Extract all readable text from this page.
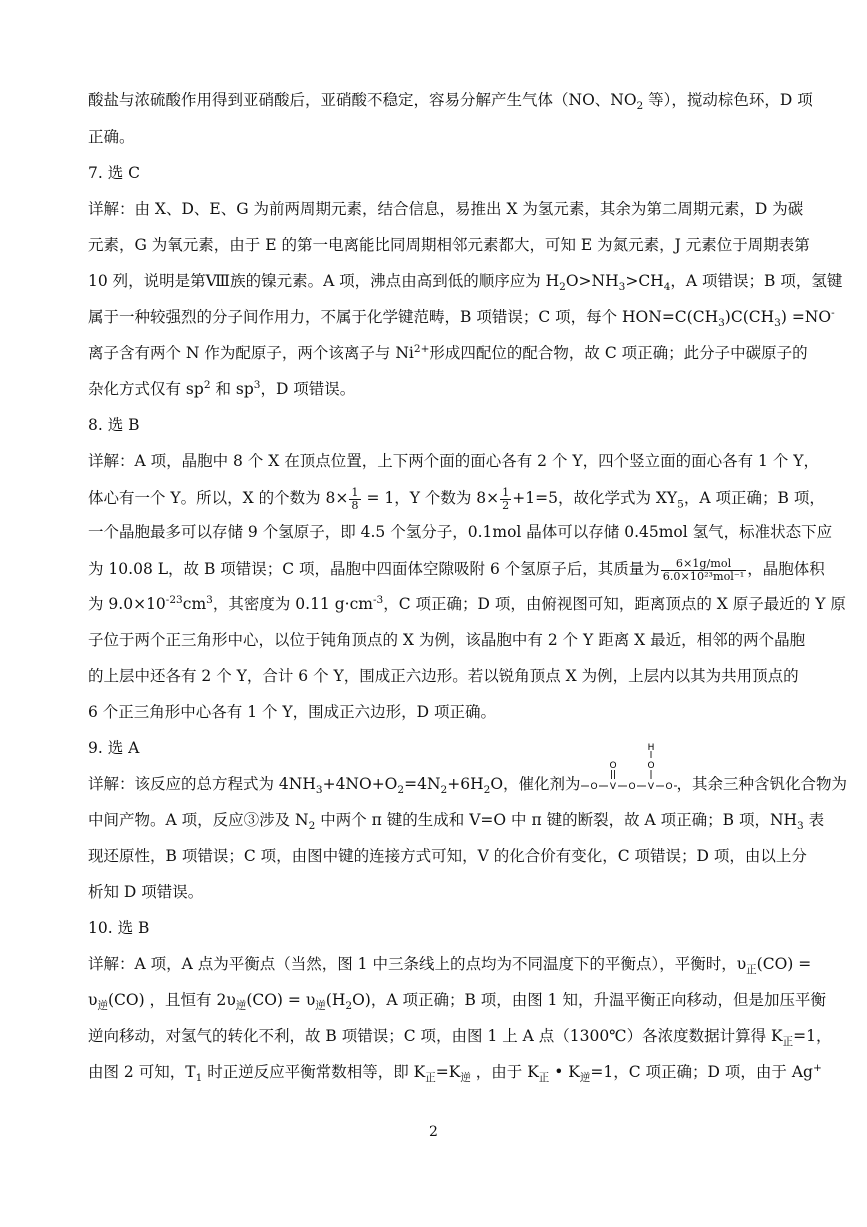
酸盐与浓硫酸作用得到亚硝酸后，亚硝酸不稳定，容易分解产生气体（NO、$NO_2$ 等），搅动棕色环，D 项
正确。
7. 选 C
详解：由 X、D、E、G 为前两周期元素，结合信息，易推出 X 为氢元素，其余为第二周期元素，D 为碳
元素，G 为氧元素，由于 E 的第一电离能比同周期相邻元素都大，可知 E 为氮元素，J 元素位于周期表第
10 列，说明是第Ⅷ族的镍元素。A 项，沸点由高到低的顺序应为 $H_2O>NH_3>CH_4$，A 项错误；B 项，氢键
属于一种较强烈的分子间作用力，不属于化学键范畴，B 项错误；C 项，每个 $HON=C(CH_3)C(CH_3) =NO^-$
离子含有两个 N 作为配原子，两个该离子与 $Ni^{2+}$形成四配位的配合物，故 C 项正确；此分子中碳原子的
杂化方式仅有 $sp^2$ 和 $sp^3$，D 项错误。
8. 选 B
详解：A 项，晶胞中 8 个 X 在顶点位置，上下两个面的面心各有 2 个 Y，四个竖立面的面心各有 1 个 Y，
体心有一个 Y。所以，X 的个数为 $8\times \frac{1}{8} = 1$，Y 个数为 $8\times \frac{1}{2} +1=5$，故化学式为 $XY_5$，A 项正确；B 项，
一个晶胞最多可以存储 9 个氢原子，即 4.5 个氢分子，0.1mol 晶体可以存储 0.45mol 氢气，标准状态下应
为 10.08 L，故 B 项错误；C 项，晶胞中四面体空隙吸附 6 个氢原子后，其质量为 $\frac{\text{6×1g/mol}}{\text{6.0×10²³mol⁻¹}}$ ，晶胞体积
为 $9.0\times 10^{-23}cm^3$，其密度为 0.11 $g\cdot cm^{-3}$，C 项正确；D 项，由俯视图可知，距离顶点的 X 原子最近的 Y 原
子位于两个正三角形中心，以位于钝角顶点的 X 为例，该晶胞中有 2 个 Y 距离 X 最近，相邻的两个晶胞
的上层中还各有 2 个 Y，合计 6 个 Y，围成正六边形。若以锐角顶点 X 为例，上层内以其为共用顶点的
6 个正三角形中心各有 1 个 Y，围成正六边形，D 项正确。
9. 选 A
详解：该反应的总方程式为 $4NH_3+4NO+O_2=4N_2+6H_2O$，催化剂为 O V O V O
O	O
H
，其余三种含钒化合物为
中间产物。A 项，反应③涉及 $N_2$ 中两个 π 键的生成和 V=O 中 π 键的断裂，故 A 项正确；B 项，$NH_3$ 表
现还原性，B 项错误；C 项，由图中键的连接方式可知，V 的化合价有变化，C 项错误；D 项，由以上分
析知 D 项错误。
10. 选 B
详解：A 项，A 点为平衡点（当然，图 1 中三条线上的点均为不同温度下的平衡点），平衡时，$\upsilon_正(CO)$ =
$\upsilon_逆(CO)$ ，且恒有 $2\upsilon_逆(CO) = \upsilon_逆(H_2O)$，A 项正确；B 项，由图 1 知，升温平衡正向移动，但是加压平衡
逆向移动，对氢气的转化不利，故 B 项错误；C 项，由图 1 上 A 点（1300℃）各浓度数据计算得 $K_正=1$，
由图 2 可知，$T_1$ 时正逆反应平衡常数相等，即 $K_正=K_逆$ ，由于 $K_正$ • $K_逆=1$，C 项正确；D 项，由于 Ag+
2
